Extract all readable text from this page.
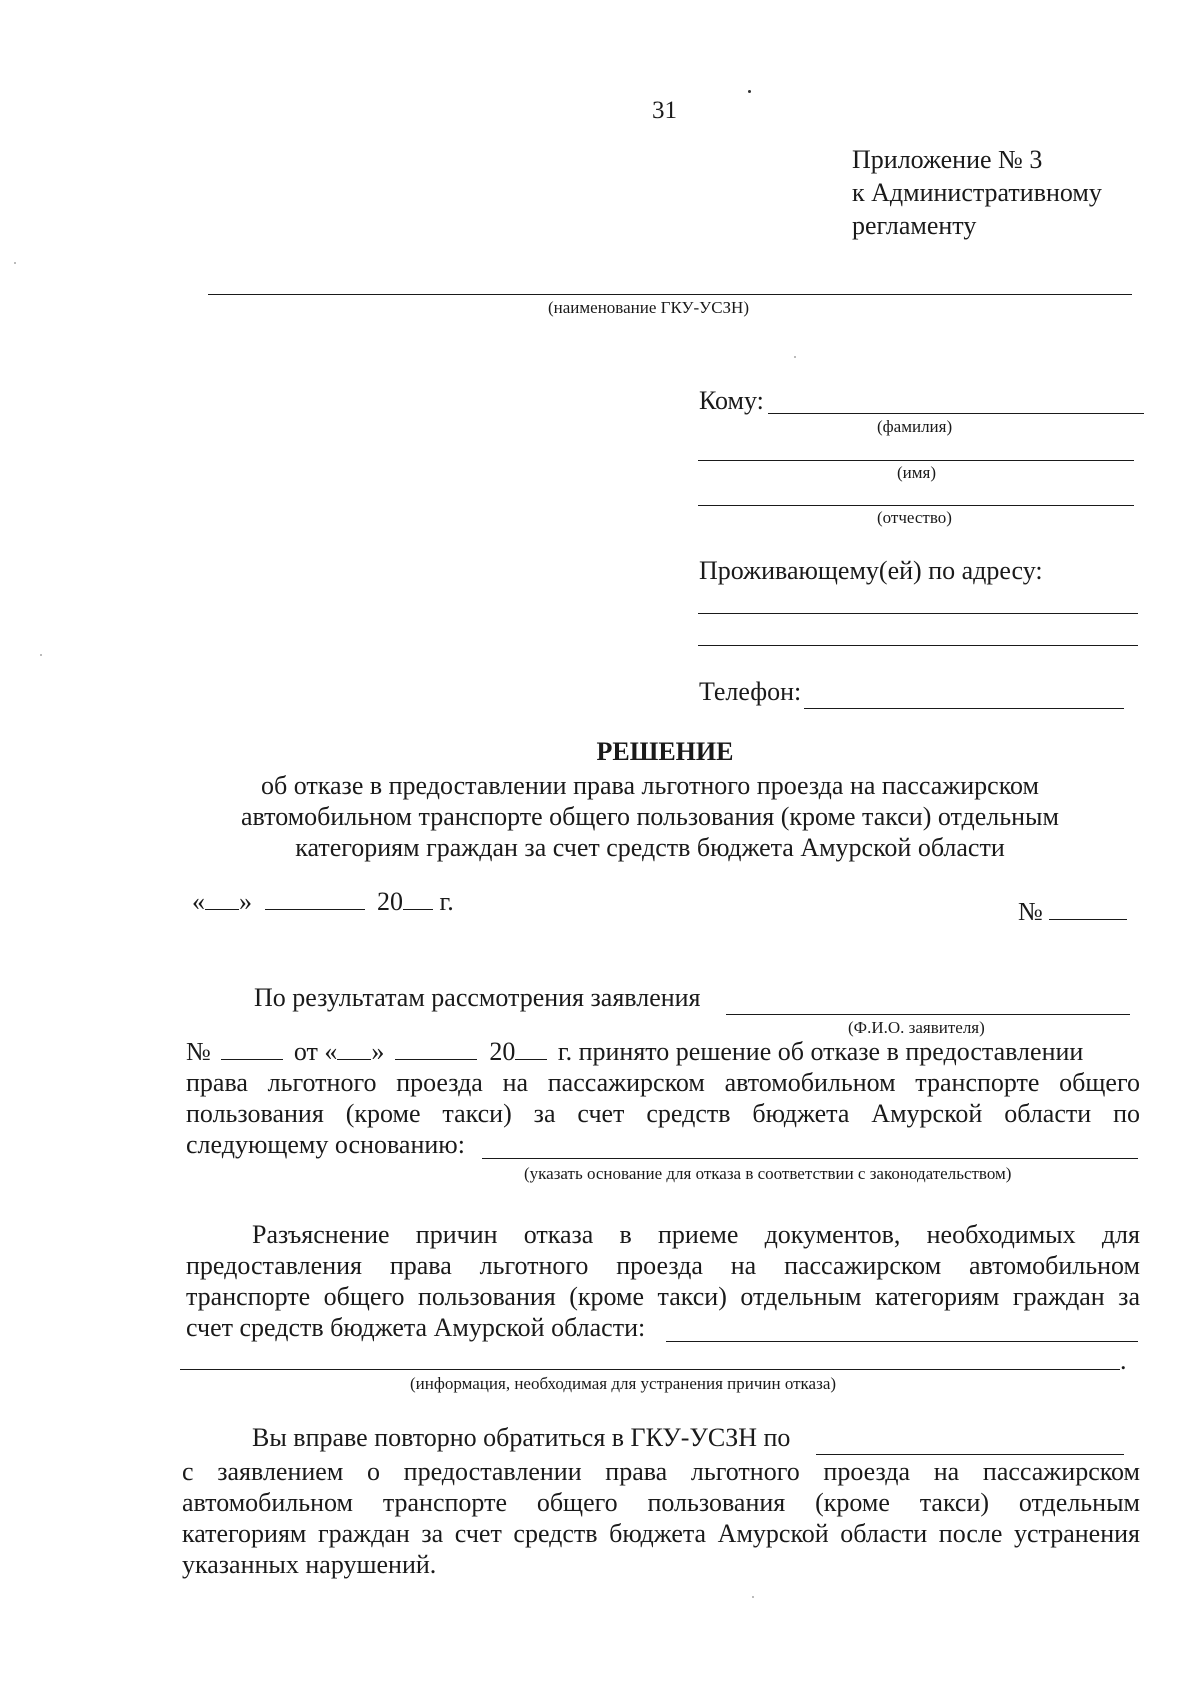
31
Приложение № 3
к Административному
регламенту
(наименование ГКУ-УСЗН)
Кому:
(фамилия)
(имя)
(отчество)
Проживающему(ей) по адресу:
Телефон:
РЕШЕНИЕ
об отказе в предоставлении права льготного проезда на пассажирском
автомобильном транспорте общего пользования (кроме такси) отдельным
категориям граждан за счет средств бюджета Амурской области
« »	20 г.	№
По результатам рассмотрения заявления
(Ф.И.О. заявителя)
№	от « »	20 г. принято решение об отказе в предоставлении
права льготного проезда на пассажирском автомобильном транспорте общего
пользования (кроме такси) за счет средств бюджета Амурской области по
следующему основанию:
(указать основание для отказа в соответствии с законодательством)
Разъяснение причин отказа в приеме документов, необходимых для
предоставления права льготного проезда на пассажирском автомобильном
транспорте общего пользования (кроме такси) отдельным категориям граждан за
счет средств бюджета Амурской области:
.
(информация, необходимая для устранения причин отказа)
Вы вправе повторно обратиться в ГКУ-УСЗН по
с заявлением о предоставлении права льготного проезда на пассажирском
автомобильном транспорте общего пользования (кроме такси) отдельным
категориям граждан за счет средств бюджета Амурской области после устранения
указанных нарушений.
